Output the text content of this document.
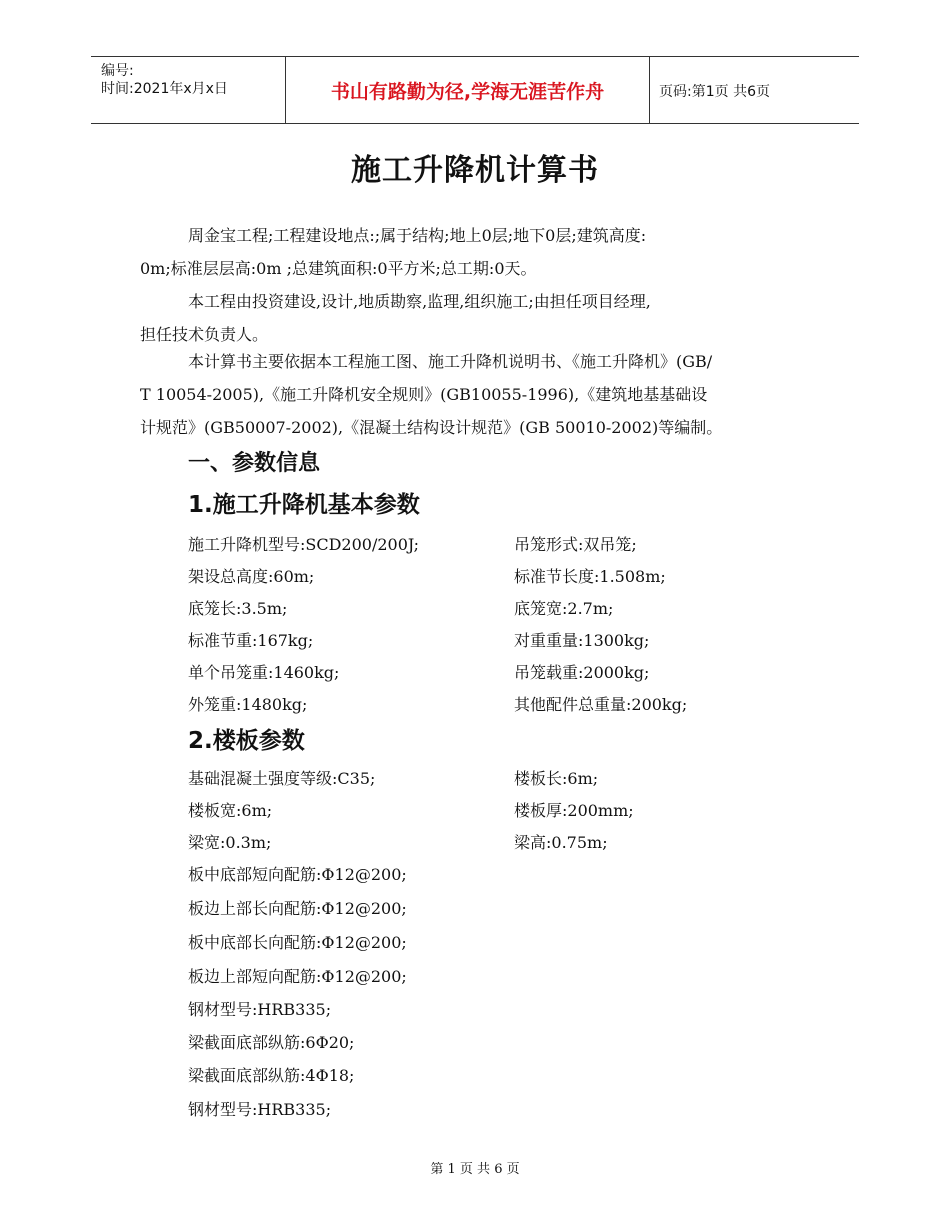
编号:
时间:2021年x月x日	书山有路勤为径,学海无涯苦作舟	页码:第1页 共6页
施工升降机计算书
周金宝工程;工程建设地点:;属于结构;地上0层;地下0层;建筑高度:
0m;标准层层高:0m ;总建筑面积:0平方米;总工期:0天。
本工程由投资建设,设计,地质勘察,监理,组织施工;由担任项目经理,
担任技术负责人。
本计算书主要依据本工程施工图、施工升降机说明书、《施工升降机》(GB/
T 10054-2005),《施工升降机安全规则》(GB10055-1996),《建筑地基基础设
计规范》(GB50007-2002),《混凝土结构设计规范》(GB 50010-2002)等编制。
一、参数信息
1.施工升降机基本参数
施工升降机型号:SCD200/200J;	吊笼形式:双吊笼;
架设总高度:60m;	标准节长度:1.508m;
底笼长:3.5m;	底笼宽:2.7m;
标准节重:167kg;	对重重量:1300kg;
单个吊笼重:1460kg;	吊笼载重:2000kg;
外笼重:1480kg;	其他配件总重量:200kg;
2.楼板参数
基础混凝土强度等级:C35;	楼板长:6m;
楼板宽:6m;	楼板厚:200mm;
梁宽:0.3m;	梁高:0.75m;
板中底部短向配筋:Φ12@200;
板边上部长向配筋:Φ12@200;
板中底部长向配筋:Φ12@200;
板边上部短向配筋:Φ12@200;
钢材型号:HRB335;
梁截面底部纵筋:6Φ20;
梁截面底部纵筋:4Φ18;
钢材型号:HRB335;
第 1 页 共 6 页
